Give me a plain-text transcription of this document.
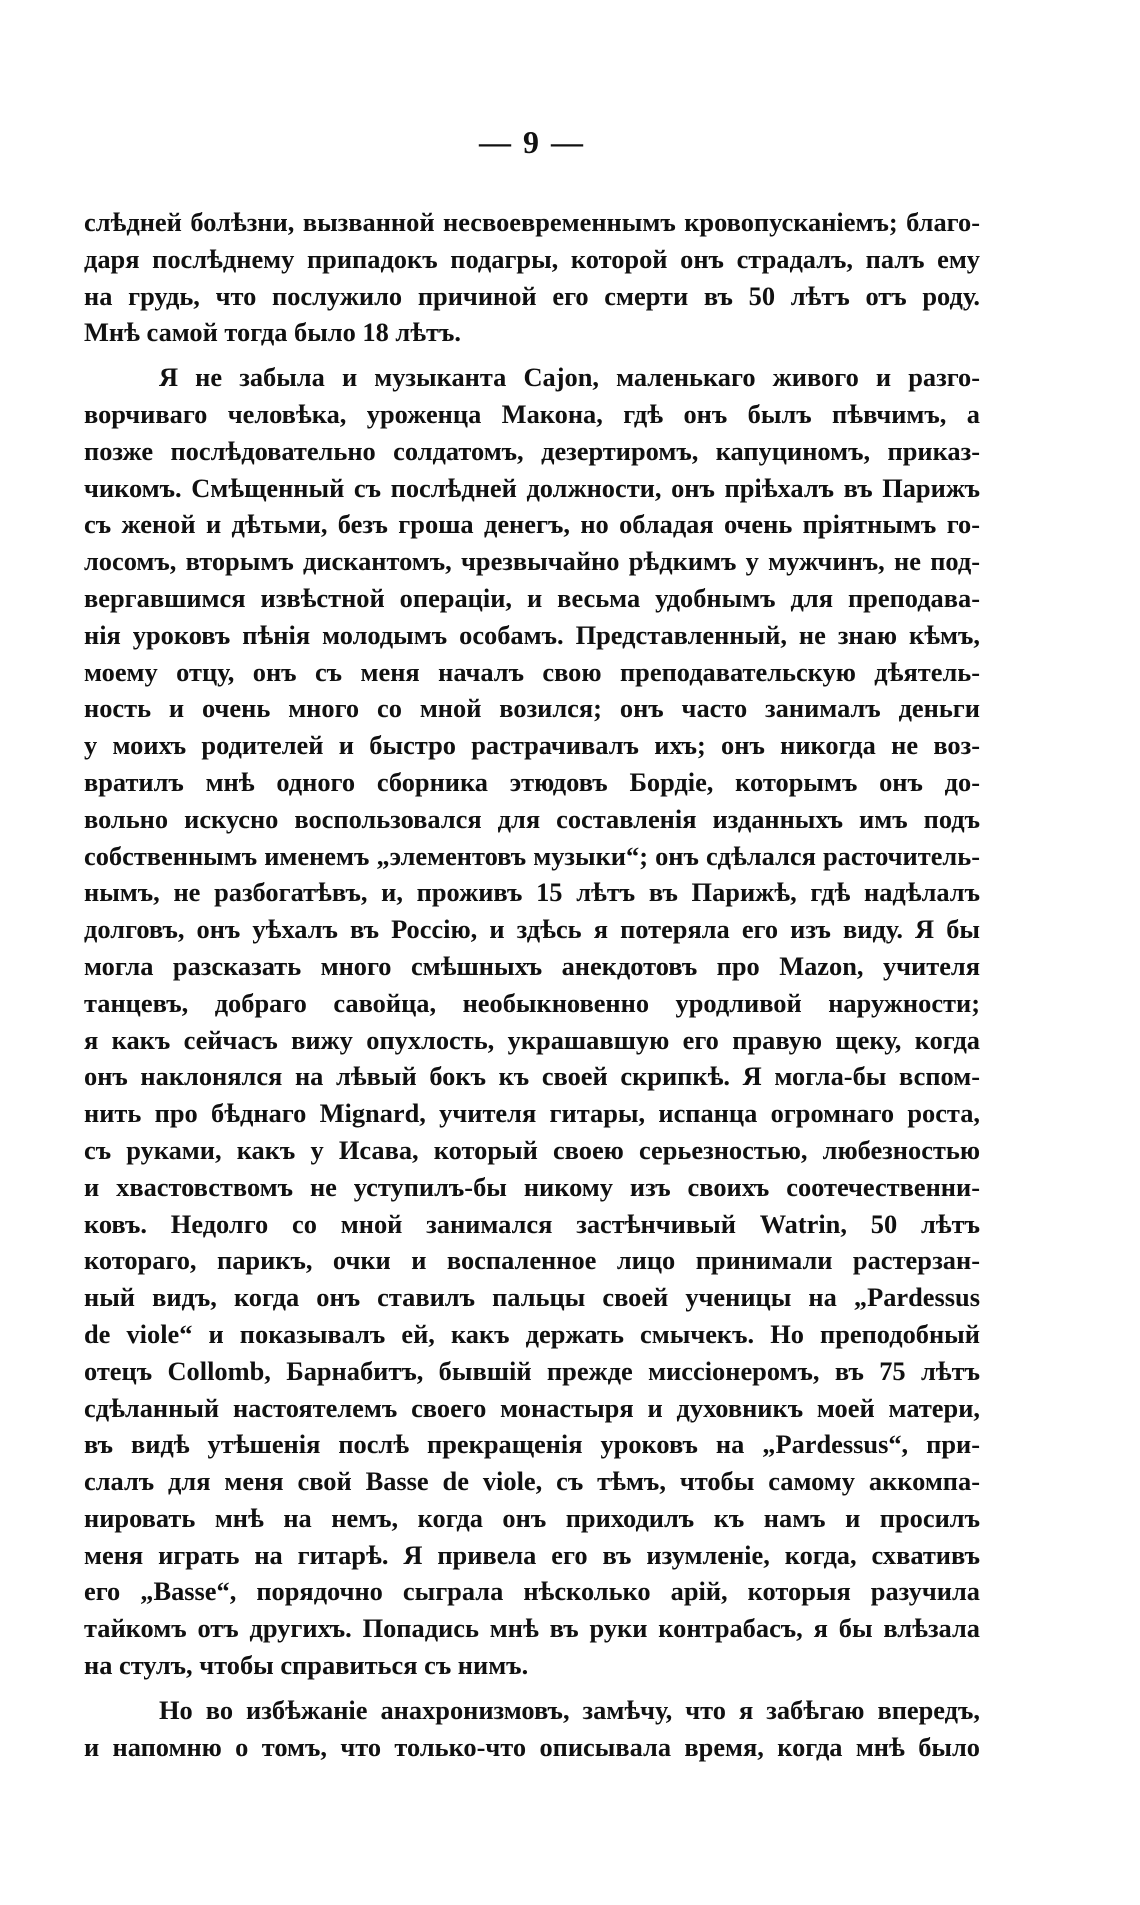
— 9 —
слѣдней болѣзни, вызванной несвоевременнымъ кровопусканіемъ; благо-
даря послѣднему припадокъ подагры, которой онъ страдалъ, палъ ему
на грудь, что послужило причиной его смерти въ 50 лѣтъ отъ роду.
Мнѣ самой тогда было 18 лѣтъ.
Я не забыла и музыканта Cajon, маленькаго живого и разго-
ворчиваго человѣка, уроженца Макона, гдѣ онъ былъ пѣвчимъ, а
позже послѣдовательно солдатомъ, дезертиромъ, капуциномъ, приказ-
чикомъ. Смѣщенный съ послѣдней должности, онъ пріѣхалъ въ Парижъ
съ женой и дѣтьми, безъ гроша денегъ, но обладая очень пріятнымъ го-
лосомъ, вторымъ дискантомъ, чрезвычайно рѣдкимъ у мужчинъ, не под-
вергавшимся извѣстной операціи, и весьма удобнымъ для преподава-
нія уроковъ пѣнія молодымъ особамъ. Представленный, не знаю кѣмъ,
моему отцу, онъ съ меня началъ свою преподавательскую дѣятель-
ность и очень много со мной возился; онъ часто занималъ деньги
у моихъ родителей и быстро растрачивалъ ихъ; онъ никогда не воз-
вратилъ мнѣ одного сборника этюдовъ Бордіе, которымъ онъ до-
вольно искусно воспользовался для составленія изданныхъ имъ подъ
собственнымъ именемъ „элементовъ музыки“; онъ сдѣлался расточитель-
нымъ, не разбогатѣвъ, и, проживъ 15 лѣтъ въ Парижѣ, гдѣ надѣлалъ
долговъ, онъ уѣхалъ въ Россію, и здѣсь я потеряла его изъ виду. Я бы
могла разсказать много смѣшныхъ анекдотовъ про Mazon, учителя
танцевъ, добраго савойца, необыкновенно уродливой наружности;
я какъ сейчасъ вижу опухлость, украшавшую его правую щеку, когда
онъ наклонялся на лѣвый бокъ къ своей скрипкѣ. Я могла-бы вспом-
нить про бѣднаго Mignard, учителя гитары, испанца огромнаго роста,
съ руками, какъ у Исава, который своею серьезностью, любезностью
и хвастовствомъ не уступилъ-бы никому изъ своихъ соотечественни-
ковъ. Недолго со мной занимался застѣнчивый Watrin, 50 лѣтъ
котораго, парикъ, очки и воспаленное лицо принимали растерзан-
ный видъ, когда онъ ставилъ пальцы своей ученицы на „Pardessus
de viole“ и показывалъ ей, какъ держать смычекъ. Но преподобный
отецъ Collomb, Барнабитъ, бывшій прежде миссіонеромъ, въ 75 лѣтъ
сдѣланный настоятелемъ своего монастыря и духовникъ моей матери,
въ видѣ утѣшенія послѣ прекращенія уроковъ на „Pardessus“, при-
слалъ для меня свой Basse de viole, съ тѣмъ, чтобы самому аккомпа-
нировать мнѣ на немъ, когда онъ приходилъ къ намъ и просилъ
меня играть на гитарѣ. Я привела его въ изумленіе, когда, схвативъ
его „Basse“, порядочно сыграла нѣсколько арій, которыя разучила
тайкомъ отъ другихъ. Попадись мнѣ въ руки контрабасъ, я бы влѣзала
на стулъ, чтобы справиться съ нимъ.
Но во избѣжаніе анахронизмовъ, замѣчу, что я забѣгаю впередъ,
и напомню о томъ, что только-что описывала время, когда мнѣ было
